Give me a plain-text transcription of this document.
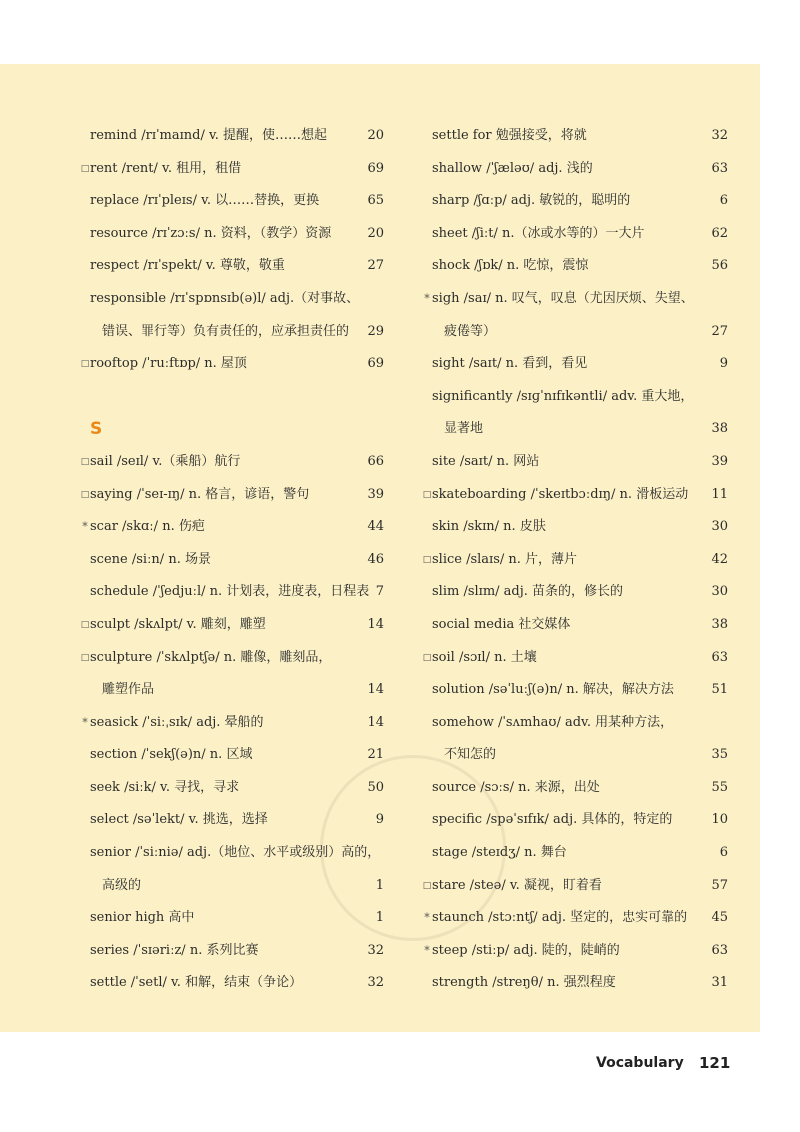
remind /rɪˈmaɪnd/ v. 提醒，使……想起	20
□ rent /rent/ v. 租用，租借	69
replace /rɪˈpleɪs/ v. 以……替换，更换	65
resource /rɪˈzɔːs/ n. 资料，（教学）资源	20
respect /rɪˈspekt/ v. 尊敬，敬重	27
responsible /rɪˈspɒnsɪb(ə)l/ adj.（对事故、
错误、罪行等）负有责任的，应承担责任的 29
□ rooftop /ˈruːftɒp/ n. 屋顶	69
S
□ sail /seɪl/ v.（乘船）航行	66
□ saying /ˈseɪ-ɪŋ/ n. 格言，谚语，警句	39
* scar /skɑː/ n. 伤疤	44
scene /siːn/ n. 场景	46
schedule /ˈʃedjuːl/ n. 计划表，进度表，日程表 7
□ sculpt /skʌlpt/ v. 雕刻，雕塑	14
□ sculpture /ˈskʌlptʃə/ n. 雕像，雕刻品，
雕塑作品	14
* seasick /ˈsiːˌsɪk/ adj. 晕船的	14
section /ˈsekʃ(ə)n/ n. 区域	21
seek /siːk/ v. 寻找，寻求	50
select /səˈlekt/ v. 挑选，选择	9
senior /ˈsiːniə/ adj.（地位、水平或级别）高的，
高级的	1
senior high 高中	1
series /ˈsɪəriːz/ n. 系列比赛	32
settle /ˈsetl/ v. 和解，结束（争论）	32
settle for 勉强接受，将就	32
shallow /ˈʃæləʊ/ adj. 浅的	63
sharp /ʃɑːp/ adj. 敏锐的，聪明的	6
sheet /ʃiːt/ n.（冰或水等的）一大片	62
shock /ʃɒk/ n. 吃惊，震惊	56
* sigh /saɪ/ n. 叹气，叹息（尤因厌烦、失望、
疲倦等）	27
sight /saɪt/ n. 看到，看见	9
significantly /sɪɡˈnɪfɪkəntli/ adv. 重大地，
显著地	38
site /saɪt/ n. 网站	39
□ skateboarding /ˈskeɪtbɔːdɪŋ/ n. 滑板运动 11
skin /skɪn/ n. 皮肤	30
□ slice /slaɪs/ n. 片，薄片	42
slim /slɪm/ adj. 苗条的，修长的	30
social media 社交媒体	38
□ soil /sɔɪl/ n. 土壤	63
solution /səˈluːʃ(ə)n/ n. 解决，解决方法	51
somehow /ˈsʌmhaʊ/ adv. 用某种方法，
不知怎的	35
source /sɔːs/ n. 来源，出处	55
specific /spəˈsɪfɪk/ adj. 具体的，特定的	10
stage /steɪdʒ/ n. 舞台	6
□ stare /steə/ v. 凝视，盯着看	57
* staunch /stɔːntʃ/ adj. 坚定的，忠实可靠的 45
* steep /stiːp/ adj. 陡的，陡峭的	63
strength /streŋθ/ n. 强烈程度	31
Vocabulary 121
